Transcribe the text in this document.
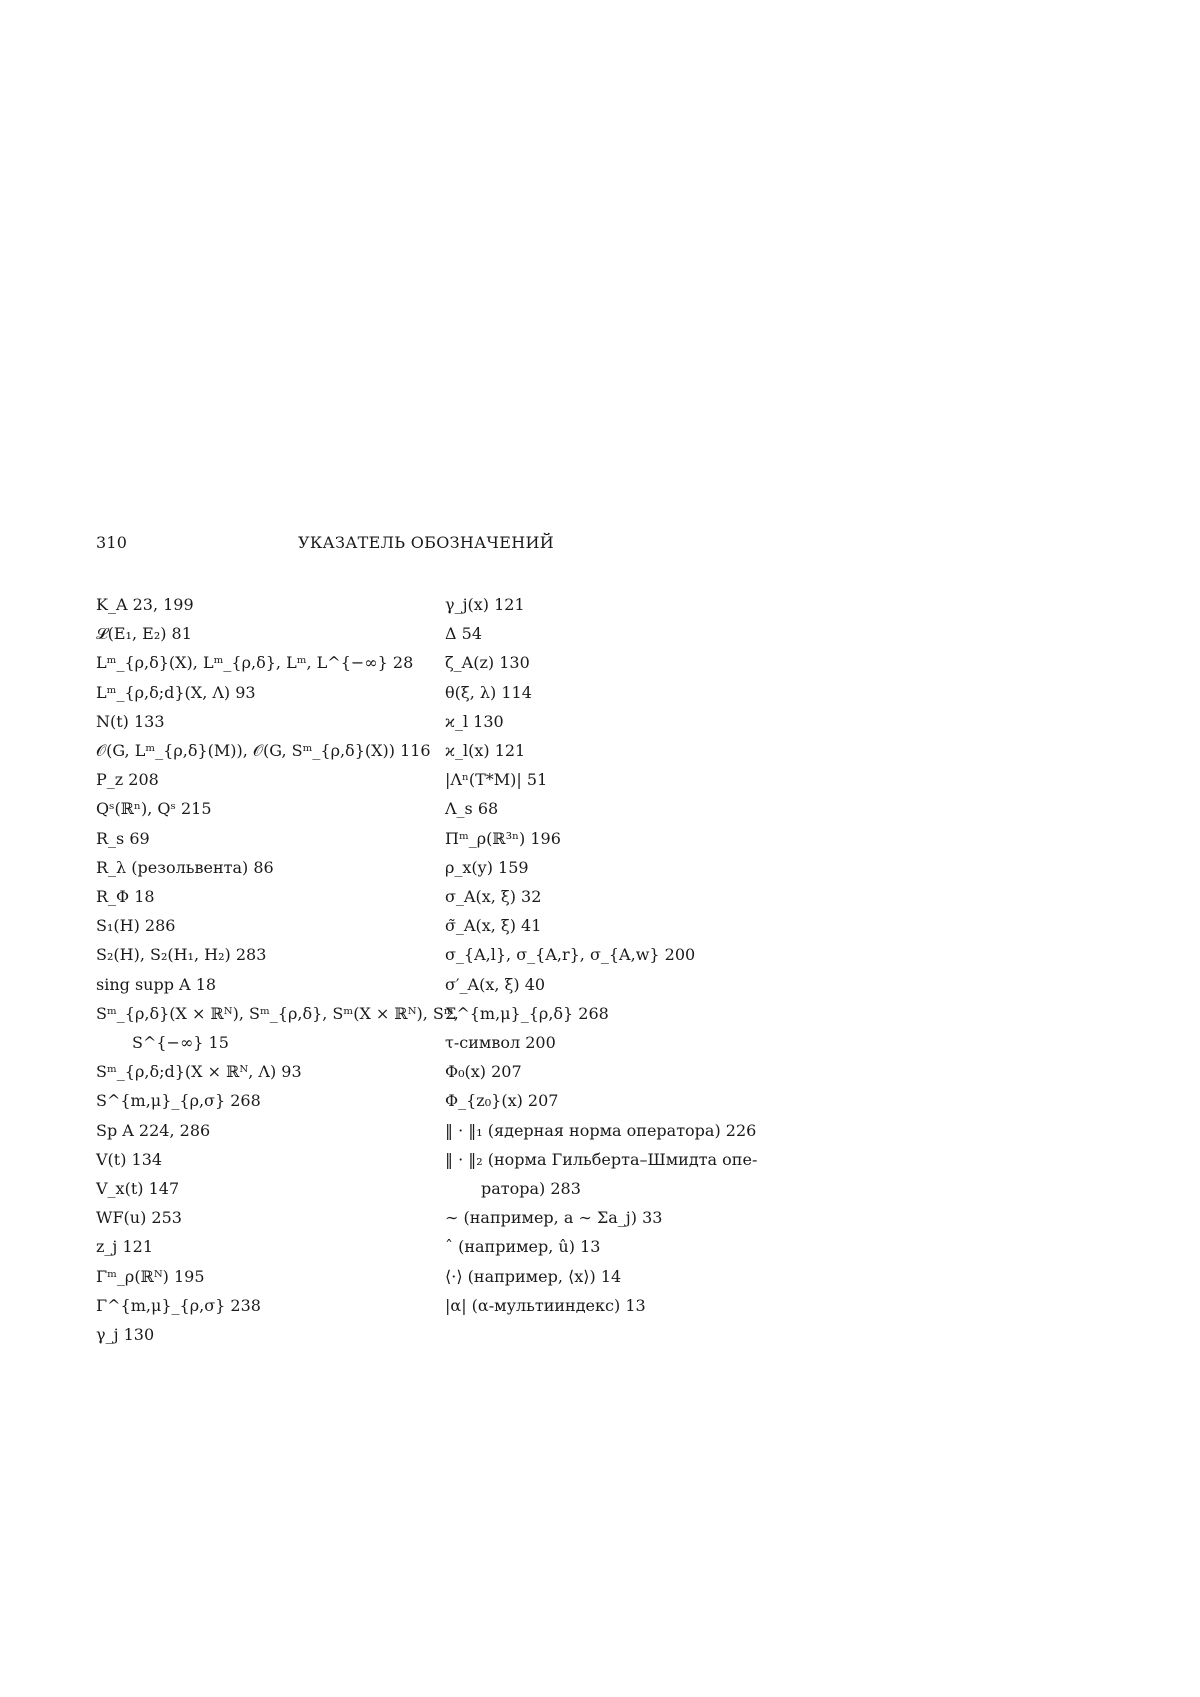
310	УКАЗАТЕЛЬ ОБОЗНАЧЕНИЙ
K_A 23, 199
𝓛(E₁, E₂) 81
Lᵐ_{ρ,δ}(X), Lᵐ_{ρ,δ}, Lᵐ, L^{−∞} 28
Lᵐ_{ρ,δ;d}(X, Λ) 93
N(t) 133
𝒪(G, Lᵐ_{ρ,δ}(M)), 𝒪(G, Sᵐ_{ρ,δ}(X)) 116
P_z 208
Qˢ(ℝⁿ), Qˢ 215
R_s 69
R_λ (резольвента) 86
R_Φ 18
S₁(H) 286
S₂(H), S₂(H₁, H₂) 283
sing supp A 18
Sᵐ_{ρ,δ}(X × ℝᴺ), Sᵐ_{ρ,δ}, Sᵐ(X × ℝᴺ), Sᵐ,
S^{−∞} 15
Sᵐ_{ρ,δ;d}(X × ℝᴺ, Λ) 93
S^{m,μ}_{ρ,σ} 268
Sp A 224, 286
V(t) 134
V_x(t) 147
WF(u) 253
z_j 121
Γᵐ_ρ(ℝᴺ) 195
Γ^{m,μ}_{ρ,σ} 238
γ_j 130
γ_j(x) 121
Δ 54
ζ_A(z) 130
θ(ξ, λ) 114
ϰ_l 130
ϰ_l(x) 121
|Λⁿ(T*M)| 51
Λ_s 68
Πᵐ_ρ(ℝ³ⁿ) 196
ρ_x(y) 159
σ_A(x, ξ) 32
σ̃_A(x, ξ) 41
σ_{A,l}, σ_{A,r}, σ_{A,w} 200
σ′_A(x, ξ) 40
Σ^{m,μ}_{ρ,δ} 268
τ-символ 200
Φ₀(x) 207
Φ_{z₀}(x) 207
‖ · ‖₁ (ядерная норма оператора) 226
‖ · ‖₂ (норма Гильберта–Шмидта опе-
ратора) 283
∼ (например, a ∼ Σa_j) 33
ˆ (например, û) 13
⟨·⟩ (например, ⟨x⟩) 14
|α| (α-мультииндекс) 13
